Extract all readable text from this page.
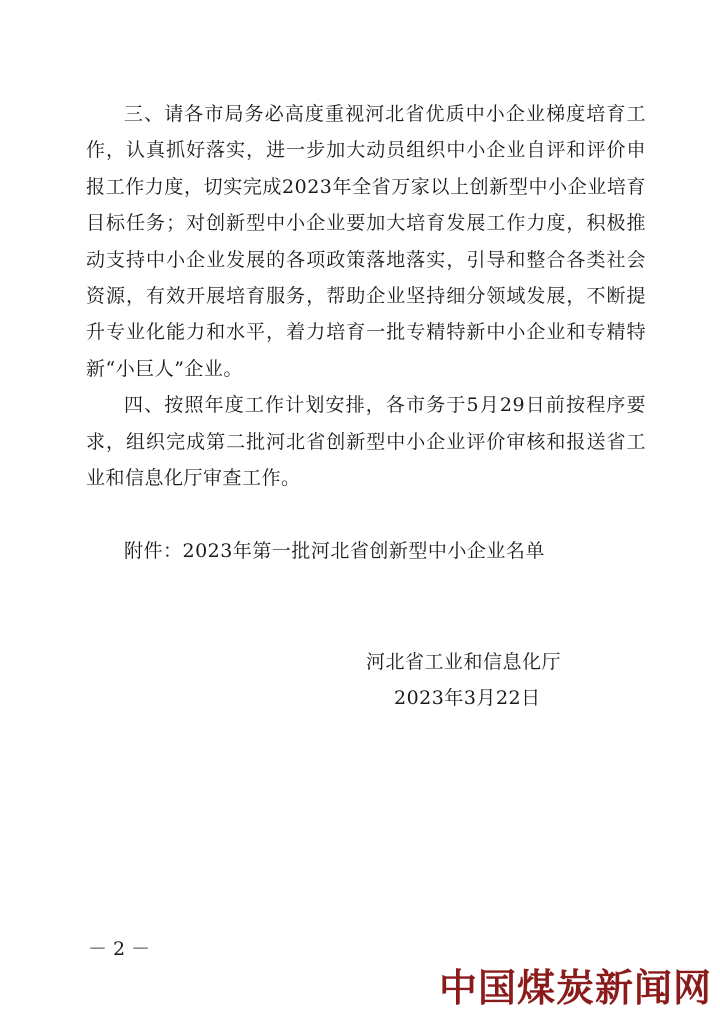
三、请各市局务必高度重视河北省优质中小企业梯度培育工作，认真抓好落实，进一步加大动员组织中小企业自评和评价申报工作力度，切实完成2023年全省万家以上创新型中小企业培育目标任务；对创新型中小企业要加大培育发展工作力度，积极推动支持中小企业发展的各项政策落地落实，引导和整合各类社会资源，有效开展培育服务，帮助企业坚持细分领域发展，不断提升专业化能力和水平，着力培育一批专精特新中小企业和专精特新“小巨人”企业。

四、按照年度工作计划安排，各市务于5月29日前按程序要求，组织完成第二批河北省创新型中小企业评价审核和报送省工业和信息化厅审查工作。

附件：2023年第一批河北省创新型中小企业名单
河北省工业和信息化厅
2023年3月22日
－ 2 －
中国煤炭新闻网
